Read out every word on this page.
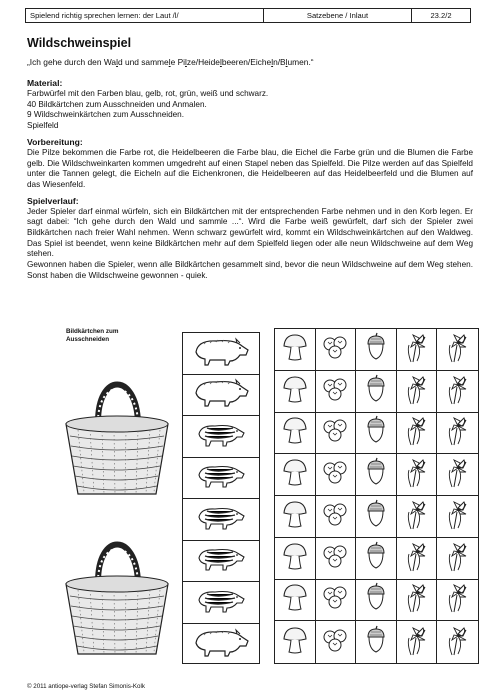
Spielend richtig sprechen lernen: der Laut /l/	Satzebene / Inlaut	23.2/2
Wildschweinspiel
„Ich gehe durch den Wald und sammele Pilze/Heidelbeeren/Eicheln/Blumen.“
Material:
Farbwürfel mit den Farben blau, gelb, rot, grün, weiß und schwarz.
40 Bildkärtchen zum Ausschneiden und Anmalen.
9 Wildschweinkärtchen zum Ausschneiden.
Spielfeld
Vorbereitung:
Die Pilze bekommen die Farbe rot, die Heidelbeeren die Farbe blau, die Eichel die Farbe grün und die Blumen die Farbe gelb. Die Wildschweinkarten kommen umgedreht auf einen Stapel neben das Spielfeld. Die Pilze werden auf das Spielfeld unter die Tannen gelegt, die Eicheln auf die Eichenkronen, die Heidelbeeren auf das Heidelbeerfeld und die Blumen auf das Wiesenfeld.
Spielverlauf:
Jeder Spieler darf einmal würfeln, sich ein Bildkärtchen mit der entsprechenden Farbe nehmen und in den Korb legen. Er sagt dabei: “Ich gehe durch den Wald und sammle ...“. Wird die Farbe weiß gewürfelt, darf sich der Spieler zwei Bildkärtchen nach freier Wahl nehmen. Wenn schwarz gewürfelt wird, kommt ein Wildschweinkärtchen auf den Waldweg. Das Spiel ist beendet, wenn keine Bildkärtchen mehr auf dem Spielfeld liegen oder alle neun Wildschweine auf dem Weg stehen.
Gewonnen haben die Spieler, wenn alle Bildkärtchen gesammelt sind, bevor die neun Wildschweine auf dem Weg stehen. Sonst haben die Wildschweine gewonnen - quiek.
Bildkärtchen zum
Ausschneiden
© 2011 antiope-verlag Stefan Simonis-Kolk
